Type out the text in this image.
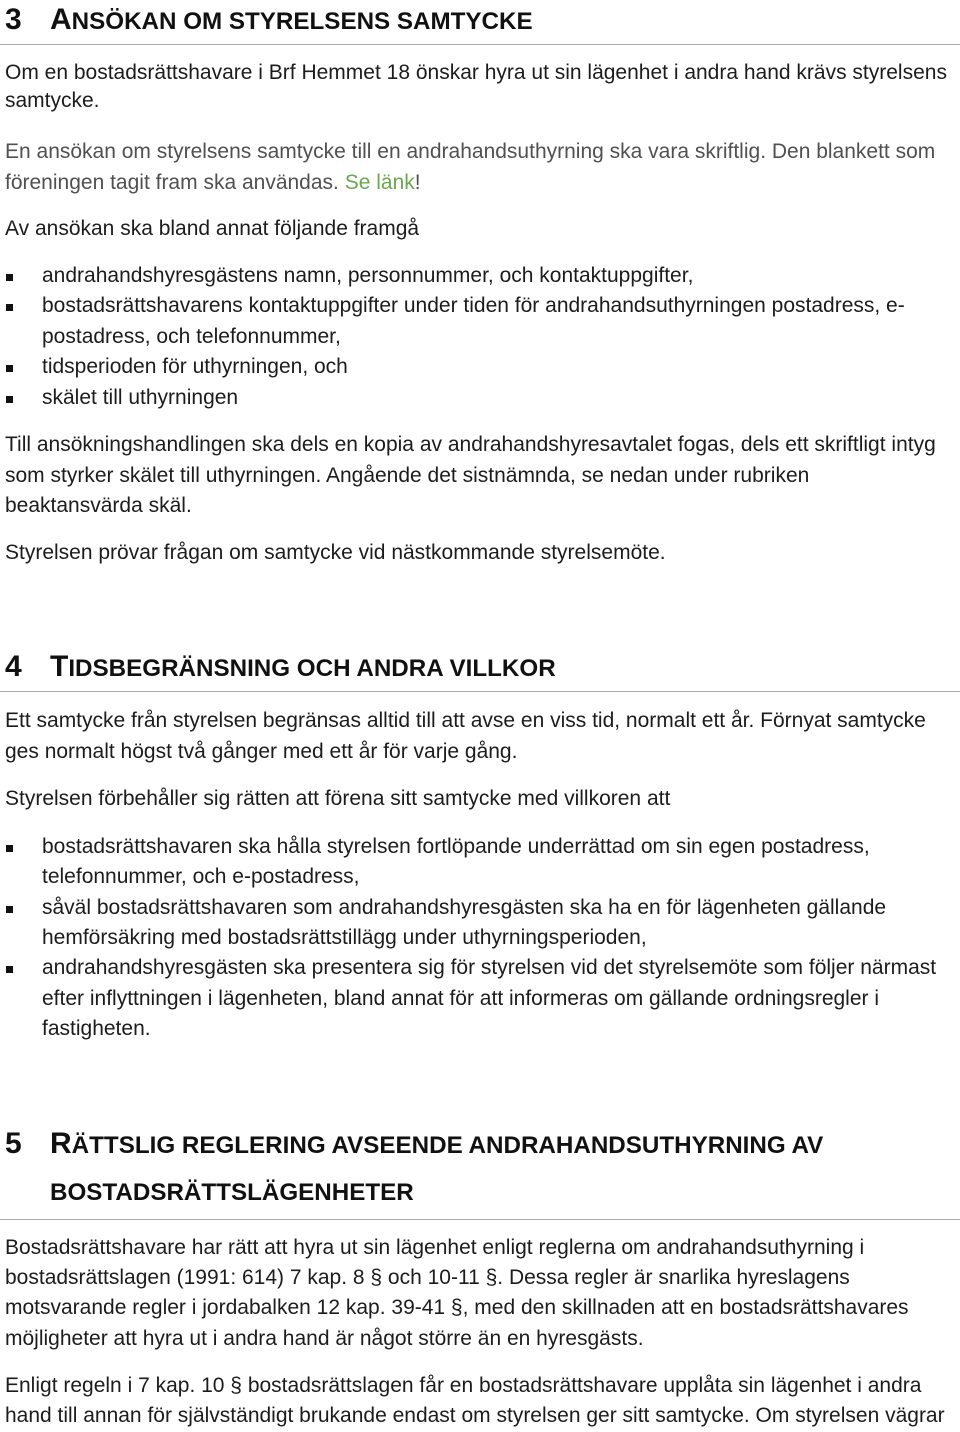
3 ANSÖKAN OM STYRELSENS SAMTYCKE
Om en bostadsrättshavare i Brf Hemmet 18 önskar hyra ut sin lägenhet i andra hand krävs styrelsens
samtycke.
En ansökan om styrelsens samtycke till en andrahandsuthyrning ska vara skriftlig. Den blankett som
föreningen tagit fram ska användas. Se länk!
Av ansökan ska bland annat följande framgå
andrahandshyresgästens namn, personnummer, och kontaktuppgifter,
bostadsrättshavarens kontaktuppgifter under tiden för andrahandsuthyrningen postadress, e-
postadress, och telefonnummer,
tidsperioden för uthyrningen, och
skälet till uthyrningen
Till ansökningshandlingen ska dels en kopia av andrahandshyresavtalet fogas, dels ett skriftligt intyg
som styrker skälet till uthyrningen. Angående det sistnämnda, se nedan under rubriken
beaktansvärda skäl.
Styrelsen prövar frågan om samtycke vid nästkommande styrelsemöte.
4 TIDSBEGRÄNSNING OCH ANDRA VILLKOR
Ett samtycke från styrelsen begränsas alltid till att avse en viss tid, normalt ett år. Förnyat samtycke
ges normalt högst två gånger med ett år för varje gång.
Styrelsen förbehåller sig rätten att förena sitt samtycke med villkoren att
bostadsrättshavaren ska hålla styrelsen fortlöpande underrättad om sin egen postadress,
telefonnummer, och e-postadress,
såväl bostadsrättshavaren som andrahandshyresgästen ska ha en för lägenheten gällande
hemförsäkring med bostadsrättstillägg under uthyrningsperioden,
andrahandshyresgästen ska presentera sig för styrelsen vid det styrelsemöte som följer närmast
efter inflyttningen i lägenheten, bland annat för att informeras om gällande ordningsregler i
fastigheten.
5 RÄTTSLIG REGLERING AVSEENDE ANDRAHANDSUTHYRNING AV
BOSTADSRÄTTSLÄGENHETER
Bostadsrättshavare har rätt att hyra ut sin lägenhet enligt reglerna om andrahandsuthyrning i
bostadsrättslagen (1991: 614) 7 kap. 8 § och 10-11 §. Dessa regler är snarlika hyreslagens
motsvarande regler i jordabalken 12 kap. 39-41 §, med den skillnaden att en bostadsrättshavares
möjligheter att hyra ut i andra hand är något större än en hyresgästs.
Enligt regeln i 7 kap. 10 § bostadsrättslagen får en bostadsrättshavare upplåta sin lägenhet i andra
hand till annan för självständigt brukande endast om styrelsen ger sitt samtycke. Om styrelsen vägrar
